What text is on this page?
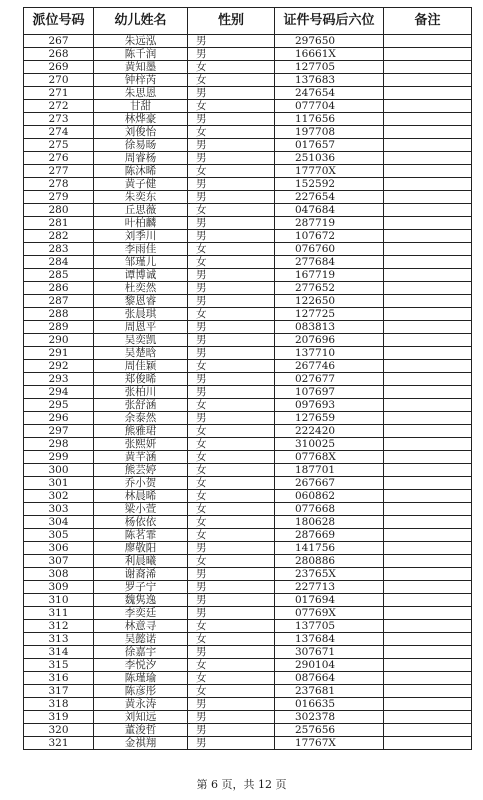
派位号码	幼儿姓名	性别	证件号码后六位	备注
267	朱远泓	男	297650	
268	陈千润	男	16661X	
269	黄知墨	女	127705	
270	钟梓芮	女	137683	
271	朱思恩	男	247654	
272	甘甜	女	077704	
273	林烨豪	男	117656	
274	刘俊怡	女	197708	
275	徐易旸	男	017657	
276	周睿杨	男	251036	
277	陈沐晞	女	17770X	
278	黄子健	男	152592	
279	朱奕东	男	227654	
280	丘思薇	女	047684	
281	叶柏麟	男	287719	
282	刘季川	男	107672	
283	李雨佳	女	076760	
284	邹瑾儿	女	277684	
285	谭博诚	男	167719	
286	杜奕然	男	277652	
287	黎恩睿	男	122650	
288	张晨琪	女	127725	
289	周恩平	男	083813	
290	吴奕凯	男	207696	
291	吴楚晗	男	137710	
292	周佳颖	女	267746	
293	郑俊晞	男	027677	
294	张柏川	男	107697	
295	张舒涵	女	097693	
296	余泰然	男	127659	
297	熊雅珺	女	222420	
298	张熙妍	女	310025	
299	黄芊涵	女	07768X	
300	熊芸婷	女	187701	
301	乔小贺	女	267667	
302	林晨晞	女	060862	
303	梁小萱	女	077668	
304	杨依依	女	180628	
305	陈茗霏	女	287669	
306	廖敬阳	男	141756	
307	利晨曦	女	280886	
308	谢裔浠	男	23765X	
309	罗子宁	男	227713	
310	魏隽逸	男	017694	
311	李奕廷	男	07769X	
312	林意寻	女	137705	
313	吴懿诺	女	137684	
314	徐嘉宇	男	307671	
315	李悦汐	女	290104	
316	陈瑾瑜	女	087664	
317	陈彦彤	女	237681	
318	黄永涛	男	016635	
319	刘知远	男	302378	
320	董浚哲	男	257656	
321	金祺翔	男	17767X	
第 6 页，共 12 页
